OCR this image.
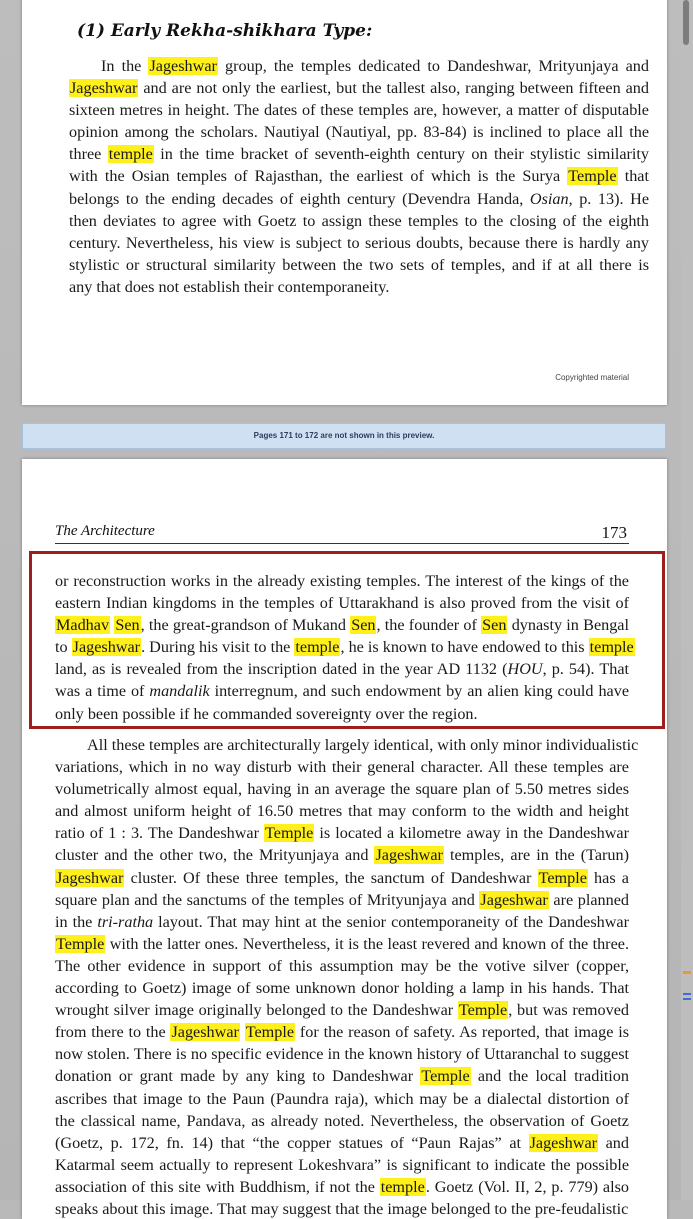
(1) Early Rekha-shikhara Type:
In the Jageshwar group, the temples dedicated to Dandeshwar, Mrityunjaya and
Jageshwar and are not only the earliest, but the tallest also, ranging between fifteen and
sixteen metres in height. The dates of these temples are, however, a matter of disputable
opinion among the scholars. Nautiyal (Nautiyal, pp. 83-84) is inclined to place all the
three temple in the time bracket of seventh-eighth century on their stylistic similarity
with the Osian temples of Rajasthan, the earliest of which is the Surya Temple that
belongs to the ending decades of eighth century (Devendra Handa, Osian, p. 13). He
then deviates to agree with Goetz to assign these temples to the closing of the eighth
century. Nevertheless, his view is subject to serious doubts, because there is hardly any
stylistic or structural similarity between the two sets of temples, and if at all there is
any that does not establish their contemporaneity.
Copyrighted material
Pages 171 to 172 are not shown in this preview.
The Architecture	173
or reconstruction works in the already existing temples. The interest of the kings of the
eastern Indian kingdoms in the temples of Uttarakhand is also proved from the visit of
Madhav Sen, the great-grandson of Mukand Sen, the founder of Sen dynasty in Bengal
to Jageshwar. During his visit to the temple, he is known to have endowed to this temple
land, as is revealed from the inscription dated in the year AD 1132 (HOU, p. 54). That
was a time of mandalik interregnum, and such endowment by an alien king could have
only been possible if he commanded sovereignty over the region.
All these temples are architecturally largely identical, with only minor individualistic
variations, which in no way disturb with their general character. All these temples are
volumetrically almost equal, having in an average the square plan of 5.50 metres sides
and almost uniform height of 16.50 metres that may conform to the width and height
ratio of 1 : 3. The Dandeshwar Temple is located a kilometre away in the Dandeshwar
cluster and the other two, the Mrityunjaya and Jageshwar temples, are in the (Tarun)
Jageshwar cluster. Of these three temples, the sanctum of Dandeshwar Temple has a
square plan and the sanctums of the temples of Mrityunjaya and Jageshwar are planned
in the tri-ratha layout. That may hint at the senior contemporaneity of the Dandeshwar
Temple with the latter ones. Nevertheless, it is the least revered and known of the three.
The other evidence in support of this assumption may be the votive silver (copper,
according to Goetz) image of some unknown donor holding a lamp in his hands. That
wrought silver image originally belonged to the Dandeshwar Temple, but was removed
from there to the Jageshwar Temple for the reason of safety. As reported, that image is
now stolen. There is no specific evidence in the known history of Uttaranchal to suggest
donation or grant made by any king to Dandeshwar Temple and the local tradition
ascribes that image to the Paun (Paundra raja), which may be a dialectal distortion of
the classical name, Pandava, as already noted. Nevertheless, the observation of Goetz
(Goetz, p. 172, fn. 14) that “the copper statues of “Paun Rajas” at Jageshwar and
Katarmal seem actually to represent Lokeshvara” is significant to indicate the possible
association of this site with Buddhism, if not the temple. Goetz (Vol. II, 2, p. 779) also
speaks about this image. That may suggest that the image belonged to the pre-feudalistic
